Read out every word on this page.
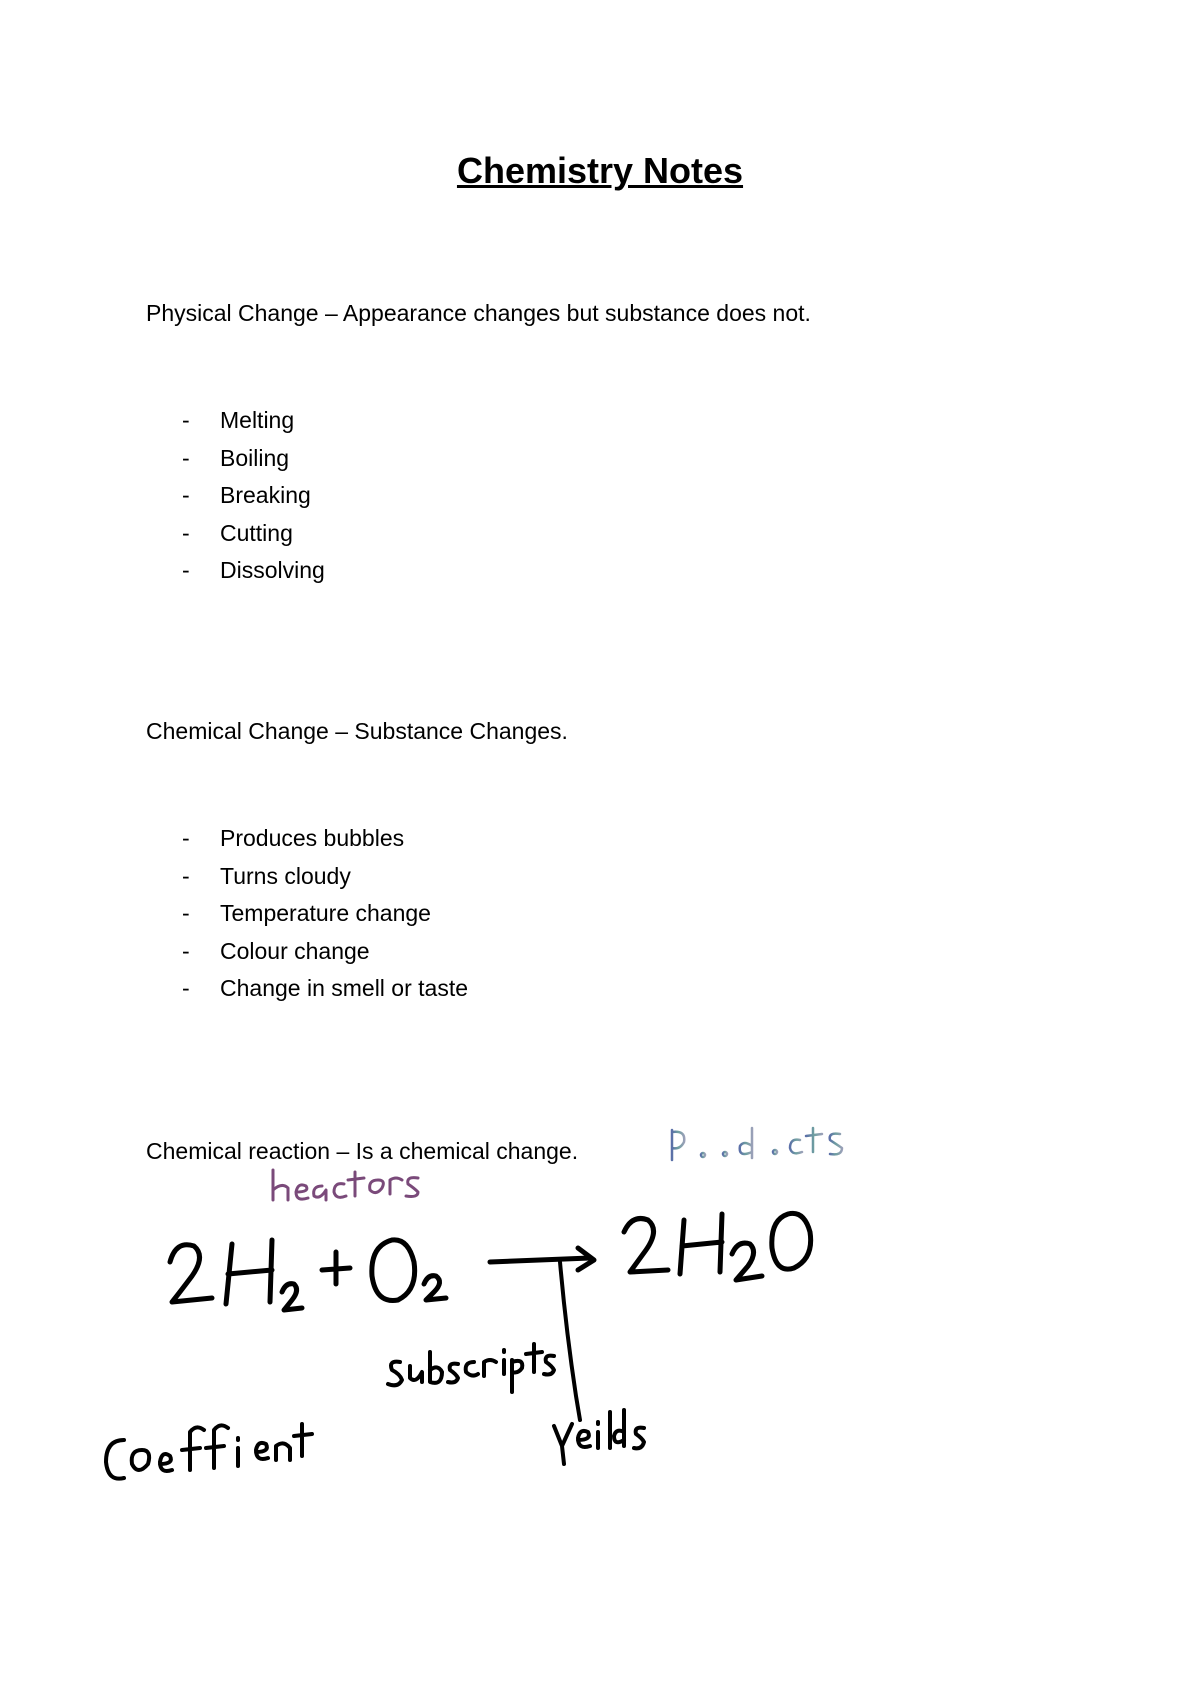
Chemistry Notes
Physical Change – Appearance changes but substance does not.
- Melting
- Boiling
- Breaking
- Cutting
- Dissolving
Chemical Change – Substance Changes.
- Produces bubbles
- Turns cloudy
- Temperature change
- Colour change
- Change in smell or taste
Chemical reaction – Is a chemical change.
